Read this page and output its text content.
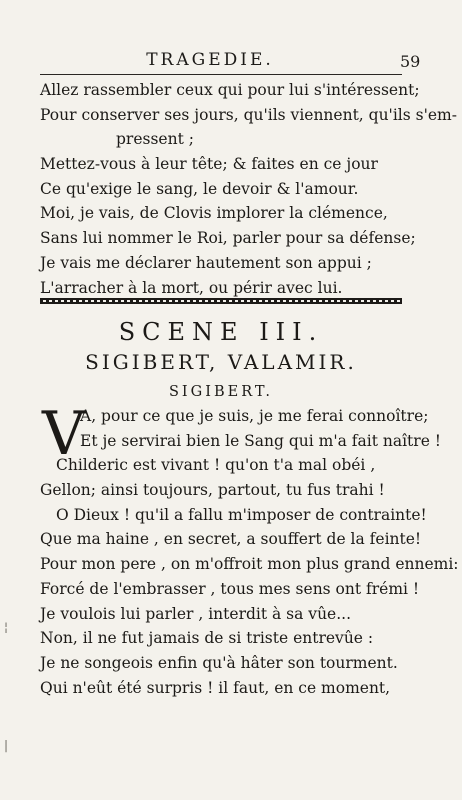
TRAGEDIE.	59
Allez rassembler ceux qui pour lui s'intéressent;
Pour conserver ses jours, qu'ils viennent, qu'ils s'em-
pressent ;
Mettez-vous à leur tête; & faites en ce jour
Ce qu'exige le sang, le devoir & l'amour.
Moi, je vais, de Clovis implorer la clémence,
Sans lui nommer le Roi, parler pour sa défense;
Je vais me déclarer hautement son appui ;
L'arracher à la mort, ou périr avec lui.
SCENE III.
SIGIBERT, VALAMIR.
SIGIBERT.
V
A, pour ce que je suis, je me ferai connoître;
Et je servirai bien le Sang qui m'a fait naître !
Childeric est vivant ! qu'on t'a mal obéi ,
Gellon; ainsi toujours, partout, tu fus trahi !
O Dieux ! qu'il a fallu m'imposer de contrainte!
Que ma haine , en secret, a souffert de la feinte!
Pour mon pere , on m'offroit mon plus grand ennemi:
Forcé de l'embrasser , tous mes sens ont frémi !
Je voulois lui parler , interdit à sa vûe...
Non, il ne fut jamais de si triste entrevûe :
Je ne songeois enfin qu'à hâter son tourment.
Qui n'eût été surpris ! il faut, en ce moment,
¦
|
